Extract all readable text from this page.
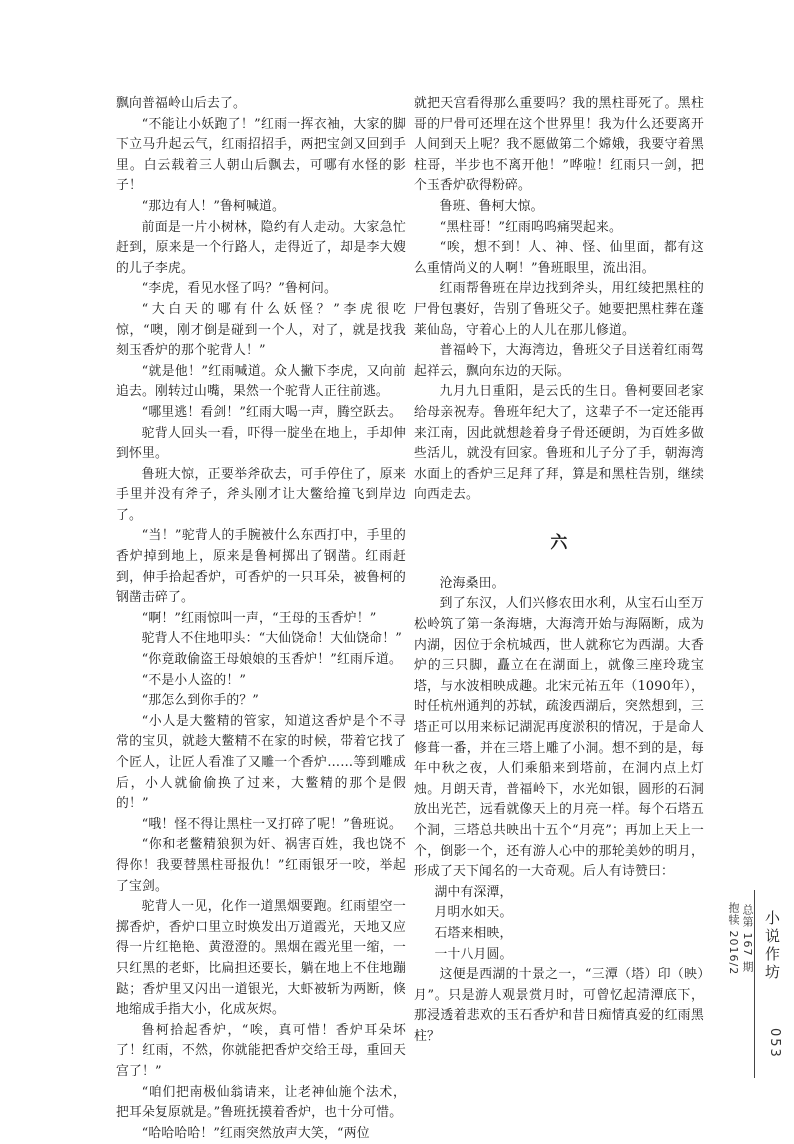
飘向普福岭山后去了。

“不能让小妖跑了！”红雨一挥衣袖，大家的脚下立马升起云气，红雨招招手，两把宝剑又回到手里。白云载着三人朝山后飘去，可哪有水怪的影子！

“那边有人！”鲁柯喊道。

前面是一片小树林，隐约有人走动。大家急忙赶到，原来是一个行路人，走得近了，却是李大嫂的儿子李虎。

“李虎，看见水怪了吗？”鲁柯问。

“大白天的哪有什么妖怪？”李虎很吃惊，“噢，刚才倒是碰到一个人，对了，就是找我刻玉香炉的那个驼背人！”

“就是他！”红雨喊道。众人撇下李虎，又向前追去。刚转过山嘴，果然一个驼背人正往前逃。

“哪里逃！看剑！”红雨大喝一声，腾空跃去。

驼背人回头一看，吓得一腚坐在地上，手却伸到怀里。

鲁班大惊，正要举斧砍去，可手停住了，原来手里并没有斧子，斧头刚才让大鳖给撞飞到岸边了。

“当！”驼背人的手腕被什么东西打中，手里的香炉掉到地上，原来是鲁柯掷出了钢凿。红雨赶到，伸手拾起香炉，可香炉的一只耳朵，被鲁柯的钢凿击碎了。

“啊！”红雨惊叫一声，“王母的玉香炉！”

驼背人不住地叩头：“大仙饶命！大仙饶命！”

“你竟敢偷盗王母娘娘的玉香炉！”红雨斥道。

“不是小人盗的！”

“那怎么到你手的？”

“小人是大鳖精的管家，知道这香炉是个不寻常的宝贝，就趁大鳖精不在家的时候，带着它找了个匠人，让匠人看准了又雕一个香炉……等到雕成后，小人就偷偷换了过来，大鳖精的那个是假的！”

“哦！怪不得让黑柱一叉打碎了呢！”鲁班说。

“你和老鳖精狼狈为奸、祸害百姓，我也饶不得你！我要替黑柱哥报仇！”红雨银牙一咬，举起了宝剑。

驼背人一见，化作一道黑烟要跑。红雨望空一掷香炉，香炉口里立时焕发出万道霞光，天地又应得一片红艳艳、黄澄澄的。黑烟在霞光里一缩，一只红黑的老虾，比扁担还要长，躺在地上不住地蹦跶；香炉里又闪出一道银光，大虾被斩为两断，倏地缩成手指大小，化成灰烬。

鲁柯拾起香炉，“唉，真可惜！香炉耳朵坏了！红雨，不然，你就能把香炉交给王母，重回天宫了！”

“咱们把南极仙翁请来，让老神仙施个法术，把耳朵复原就是。”鲁班抚摸着香炉，也十分可惜。

“哈哈哈哈！”红雨突然放声大笑，“两位

就把天宫看得那么重要吗？我的黑柱哥死了。黑柱哥的尸骨可还埋在这个世界里！我为什么还要离开人间到天上呢？我不愿做第二个嫦娥，我要守着黑柱哥，半步也不离开他！”哗啦！红雨只一剑，把个玉香炉砍得粉碎。

鲁班、鲁柯大惊。

“黑柱哥！”红雨呜呜痛哭起来。

“唉，想不到！人、神、怪、仙里面，都有这么重情尚义的人啊！”鲁班眼里，流出泪。

红雨帮鲁班在岸边找到斧头，用红绫把黑柱的尸骨包裹好，告别了鲁班父子。她要把黑柱葬在蓬莱仙岛，守着心上的人儿在那儿修道。

普福岭下，大海湾边，鲁班父子目送着红雨驾起祥云，飘向东边的天际。

九月九日重阳，是云氏的生日。鲁柯要回老家给母亲祝寿。鲁班年纪大了，这辈子不一定还能再来江南，因此就想趁着身子骨还硬朗，为百姓多做些活儿，就没有回家。鲁班和儿子分了手，朝海湾水面上的香炉三足拜了拜，算是和黑柱告别，继续向西走去。

六

沧海桑田。

到了东汉，人们兴修农田水利，从宝石山至万松岭筑了第一条海塘，大海湾开始与海隔断，成为内湖，因位于余杭城西，世人就称它为西湖。大香炉的三只脚，矗立在在湖面上，就像三座玲珑宝塔，与水波相映成趣。北宋元祐五年（1090年），时任杭州通判的苏轼，疏浚西湖后，突然想到，三塔正可以用来标记湖泥再度淤积的情况，于是命人修葺一番，并在三塔上雕了小洞。想不到的是，每年中秋之夜，人们乘船来到塔前，在洞内点上灯烛。月朗天青，普福岭下，水光如银，圆形的石洞放出光芒，远看就像天上的月亮一样。每个石塔五个洞，三塔总共映出十五个“月亮”；再加上天上一个，倒影一个，还有游人心中的那轮美妙的明月，形成了天下闻名的一大奇观。后人有诗赞曰：

湖中有深潭，

月明水如天。

石塔来相映，

一十八月圆。

这便是西湖的十景之一，“三潭（塔）印（映）月”。只是游人观景赏月时，可曾忆起清潭底下，那浸透着悲欢的玉石香炉和昔日痴情真爱的红雨黑柱？

抱犊 2016/2 总第 167 期 小说作坊
053
